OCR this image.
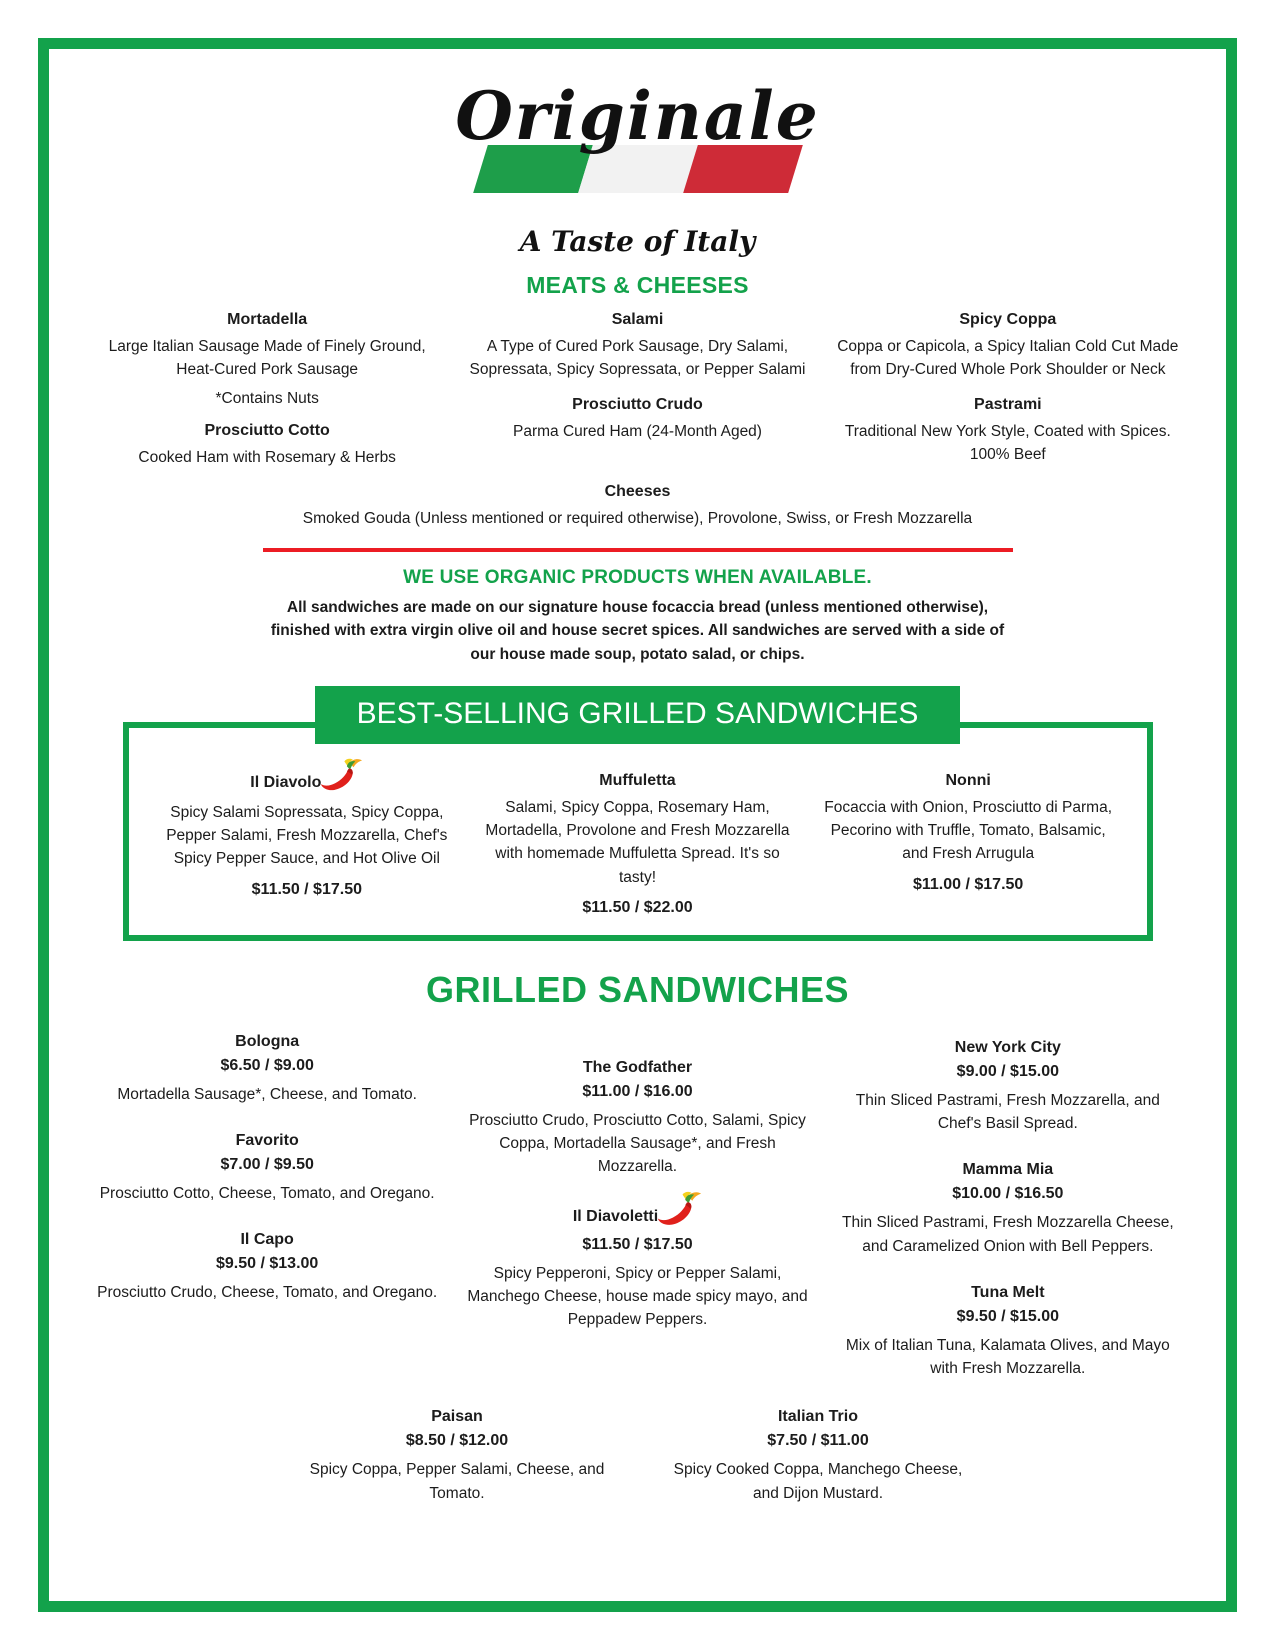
Originale
A Taste of Italy
MEATS & CHEESES
Mortadella
Large Italian Sausage Made of Finely Ground, Heat-Cured Pork Sausage
*Contains Nuts
Prosciutto Cotto
Cooked Ham with Rosemary & Herbs
Salami
A Type of Cured Pork Sausage, Dry Salami, Sopressata, Spicy Sopressata, or Pepper Salami
Prosciutto Crudo
Parma Cured Ham (24-Month Aged)
Spicy Coppa
Coppa or Capicola, a Spicy Italian Cold Cut Made from Dry-Cured Whole Pork Shoulder or Neck
Pastrami
Traditional New York Style, Coated with Spices. 100% Beef
Cheeses
Smoked Gouda (Unless mentioned or required otherwise), Provolone, Swiss, or Fresh Mozzarella
WE USE ORGANIC PRODUCTS WHEN AVAILABLE.

All sandwiches are made on our signature house focaccia bread (unless mentioned otherwise), finished with extra virgin olive oil and house secret spices. All sandwiches are served with a side of our house made soup, potato salad, or chips.

BEST-SELLING GRILLED SANDWICHES
Il Diavolo
Spicy Salami Sopressata, Spicy Coppa, Pepper Salami, Fresh Mozzarella, Chef's Spicy Pepper Sauce, and Hot Olive Oil
$11.50 / $17.50
Muffuletta
Salami, Spicy Coppa, Rosemary Ham, Mortadella, Provolone and Fresh Mozzarella with homemade Muffuletta Spread. It's so tasty!
$11.50 / $22.00
Nonni
Focaccia with Onion, Prosciutto di Parma, Pecorino with Truffle, Tomato, Balsamic, and Fresh Arrugula
$11.00 / $17.50
GRILLED SANDWICHES
Bologna
$6.50 / $9.00
Mortadella Sausage*, Cheese, and Tomato.
Favorito
$7.00 / $9.50
Prosciutto Cotto, Cheese, Tomato, and Oregano.
Il Capo
$9.50 / $13.00
Prosciutto Crudo, Cheese, Tomato, and Oregano.
The Godfather
$11.00 / $16.00
Prosciutto Crudo, Prosciutto Cotto, Salami, Spicy Coppa, Mortadella Sausage*, and Fresh Mozzarella.
Il Diavoletti
$11.50 / $17.50
Spicy Pepperoni, Spicy or Pepper Salami, Manchego Cheese, house made spicy mayo, and Peppadew Peppers.
New York City
$9.00 / $15.00
Thin Sliced Pastrami, Fresh Mozzarella, and Chef's Basil Spread.
Mamma Mia
$10.00 / $16.50
Thin Sliced Pastrami, Fresh Mozzarella Cheese, and Caramelized Onion with Bell Peppers.
Tuna Melt
$9.50 / $15.00
Mix of Italian Tuna, Kalamata Olives, and Mayo with Fresh Mozzarella.
Paisan
$8.50 / $12.00
Spicy Coppa, Pepper Salami, Cheese, and Tomato.
Italian Trio
$7.50 / $11.00
Spicy Cooked Coppa, Manchego Cheese, and Dijon Mustard.
